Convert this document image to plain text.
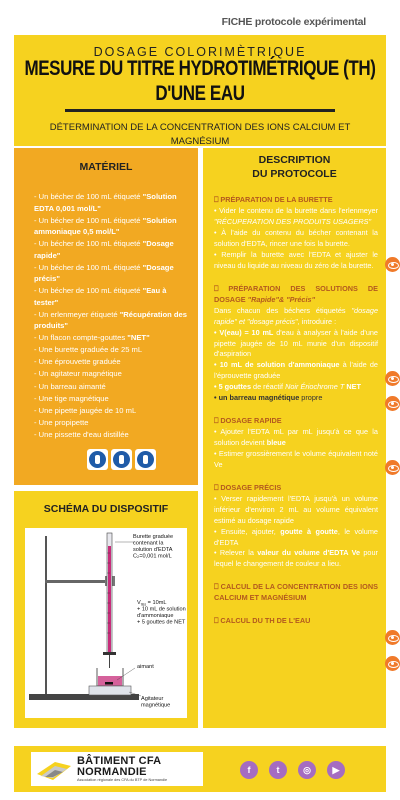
FICHE protocole expérimental
DOSAGE COLORIMÈTRIQUE
MESURE DU TITRE HYDROTIMÉTRIQUE (TH) D'UNE EAU
DÉTERMINATION DE LA CONCENTRATION DES IONS CALCIUM ET MAGNÉSIUM
MATÉRIEL
- Un bécher de 100 mL étiqueté "Solution EDTA 0,001 mol/L"
- Un bécher de 100 mL étiqueté "Solution ammoniaque 0,5 mol/L"
- Un bécher de 100 mL étiqueté "Dosage rapide"
- Un bécher de 100 mL étiqueté "Dosage précis"
- Un bécher de 100 mL étiqueté "Eau à tester"
- Un erlenmeyer étiqueté "Récupération des produits"
- Un flacon compte-gouttes "NET"
- Une burette graduée de 25 mL
- Une éprouvette graduée
- Un agitateur magnétique
- Un barreau aimanté
- Une tige magnétique
- Une pipette jaugée de 10 mL
- Une propipette
- Une pissette d'eau distillée
SCHÉMA DU DISPOSITIF
Burette graduée contenant la solution d'EDTA C₂=0,001 mol/L
$V_{tiss} = 10mL + 10$ mL de solution d'ammoniaque + 5 gouttes de NET
aimant
Agitateur magnétique
DESCRIPTION
DU PROTOCOLE
⎕ PRÉPARATION DE LA BURETTE
• Vider le contenu de la burette dans l'erlenmeyer "RÉCUPERATION DES PRODUITS USAGERS"
• À l'aide du contenu du bécher contenant la solution d'EDTA, rincer une fois la burette.
• Remplir la burette avec l'EDTA et ajuster le niveau du liquide au niveau du zéro de la burette.
⎕ PRÉPARATION DES SOLUTIONS DE DOSAGE "Rapide"& "Précis"
Dans chacun des béchers étiquetés "dosage rapide" et "dosage précis", introduire :
• V(eau) = 10 mL d'eau à analyser à l'aide d'une pipette jaugée de 10 mL munie d'un dispositif d'aspiration
• 10 mL de solution d'ammoniaque à l'aide de l'éprouvette graduée
• 5 gouttes de réactif Noir Ériochrome T NET
• un barreau magnétique propre
⎕ DOSAGE RAPIDE
• Ajouter l'EDTA mL par mL jusqu'à ce que la solution devient bleue
• Estimer grossièrement le volume équivalent noté Ve
⎕ DOSAGE PRÉCIS
• Verser rapidement l'EDTA jusqu'à un volume inférieur d'environ 2 mL au volume équivalent estimé au dosage rapide
• Ensuite, ajouter, goutte à goutte, le volume d'EDTA
• Relever la valeur du volume d'EDTA Ve pour lequel le changement de couleur a lieu.
⎕ CALCUL DE LA CONCENTRATION DES IONS CALCIUM ET MAGNÉSIUM
⎕ CALCUL DU TH DE L'EAU
BÂTIMENT CFA
NORMANDIE
Association régionale des CFA du BTP de Normandie
f	t	◎	▶
